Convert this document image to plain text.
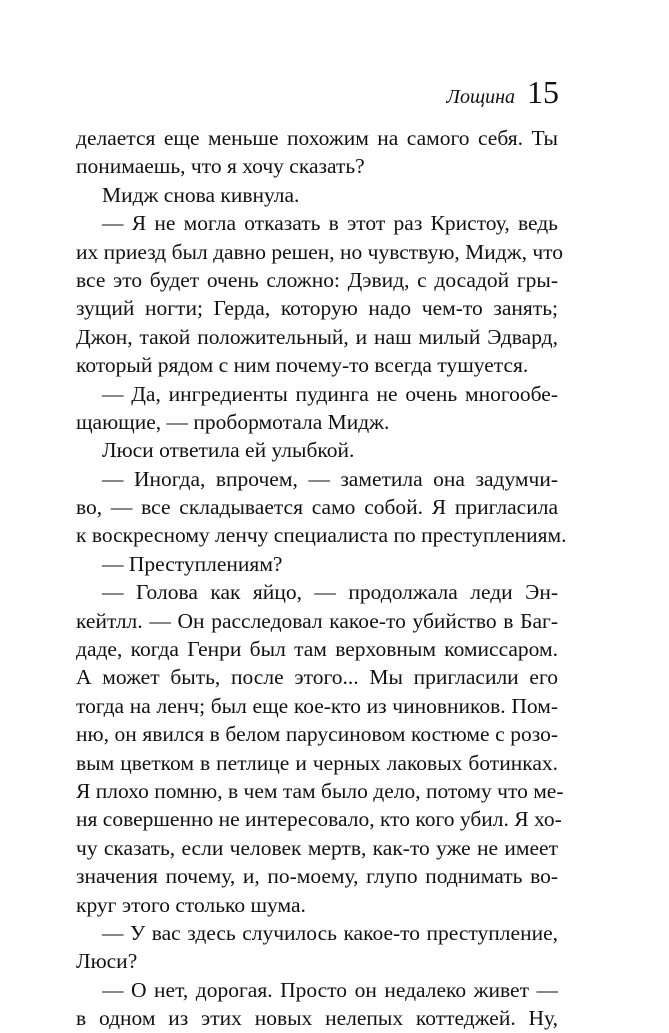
Лощина 15
делается еще меньше похожим на самого себя. Ты
понимаешь, что я хочу сказать?
Мидж снова кивнула.
— Я не могла отказать в этот раз Кристоу, ведь
их приезд был давно решен, но чувствую, Мидж, что
все это будет очень сложно: Дэвид, с досадой гры-
зущий ногти; Герда, которую надо чем-то занять;
Джон, такой положительный, и наш милый Эдвард,
который рядом с ним почему-то всегда тушуется.
— Да, ингредиенты пудинга не очень многообе-
щающие, — пробормотала Мидж.
Люси ответила ей улыбкой.
— Иногда, впрочем, — заметила она задумчи-
во, — все складывается само собой. Я пригласила
к воскресному ленчу специалиста по преступлениям.
— Преступлениям?
— Голова как яйцо, — продолжала леди Эн-
кейтлл. — Он расследовал какое-то убийство в Баг-
даде, когда Генри был там верховным комиссаром.
А может быть, после этого... Мы пригласили его
тогда на ленч; был еще кое-кто из чиновников. Пом-
ню, он явился в белом парусиновом костюме с розо-
вым цветком в петлице и черных лаковых ботинках.
Я плохо помню, в чем там было дело, потому что ме-
ня совершенно не интересовало, кто кого убил. Я хо-
чу сказать, если человек мертв, как-то уже не имеет
значения почему, и, по-моему, глупо поднимать во-
круг этого столько шума.
— У вас здесь случилось какое-то преступление,
Люси?
— О нет, дорогая. Просто он недалеко живет —
в одном из этих новых нелепых коттеджей. Ну,
